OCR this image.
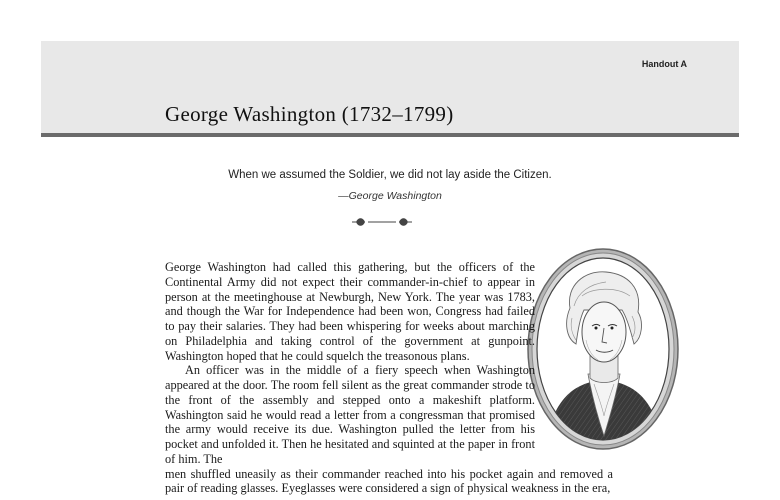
Handout A
George Washington (1732–1799)
When we assumed the Soldier, we did not lay aside the Citizen.
—George Washington

George Washington had called this gathering, but the officers of the Continental Army did not expect their commander-in-chief to appear in person at the meetinghouse at Newburgh, New York. The year was 1783, and though the War for Independence had been won, Congress had failed to pay their salaries. They had been whispering for weeks about marching on Philadelphia and taking control of the government at gunpoint. Washington hoped that he could squelch the treasonous plans.

An officer was in the middle of a fiery speech when Washington appeared at the door. The room fell silent as the great commander strode to the front of the assembly and stepped onto a makeshift platform. Washington said he would read a letter from a congressman that promised the army would receive its due. Washington pulled the letter from his pocket and unfolded it. Then he hesitated and squinted at the paper in front of him. The

men shuffled uneasily as their commander reached into his pocket again and removed a pair of reading glasses. Eyeglasses were considered a sign of physical weakness in the era,
